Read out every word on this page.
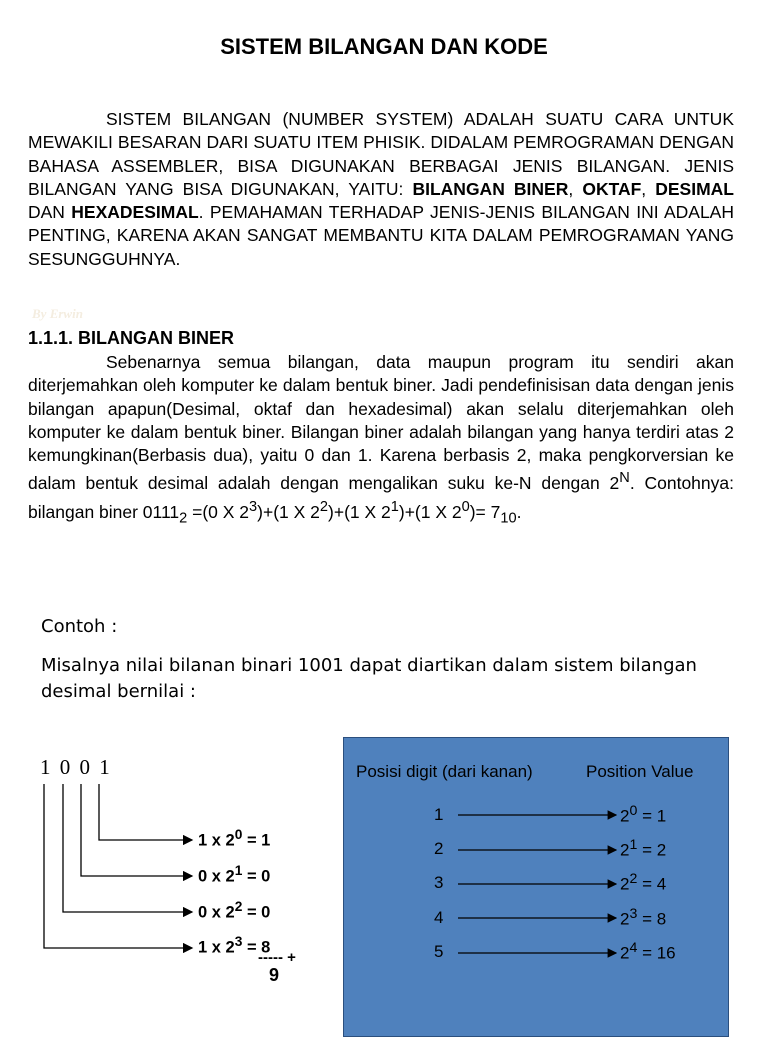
SISTEM BILANGAN DAN KODE

SISTEM BILANGAN (NUMBER SYSTEM) ADALAH SUATU CARA UNTUK MEWAKILI BESARAN DARI SUATU ITEM PHISIK. DIDALAM PEMROGRAMAN DENGAN BAHASA ASSEMBLER, BISA DIGUNAKAN BERBAGAI JENIS BILANGAN. JENIS BILANGAN YANG BISA DIGUNAKAN, YAITU: BILANGAN BINER, OKTAF, DESIMAL DAN HEXADESIMAL. PEMAHAMAN TERHADAP JENIS-JENIS BILANGAN INI ADALAH PENTING, KARENA AKAN SANGAT MEMBANTU KITA DALAM PEMROGRAMAN YANG SESUNGGUHNYA.

By Erwin
1.1.1. BILANGAN BINER

Sebenarnya semua bilangan, data maupun program itu sendiri akan diterjemahkan oleh komputer ke dalam bentuk biner. Jadi pendefinisisan data dengan jenis bilangan apapun(Desimal, oktaf dan hexadesimal) akan selalu diterjemahkan oleh komputer ke dalam bentuk biner. Bilangan biner adalah bilangan yang hanya terdiri atas 2 kemungkinan(Berbasis dua), yaitu 0 dan 1. Karena berbasis 2, maka pengkorversian ke dalam bentuk desimal adalah dengan mengalikan suku ke-N dengan $2^N$. Contohnya: bilangan biner $0111_2 =(0$ X $2^3)+(1$ X $2^2)+(1$ X $2^1)+(1$ X $2^0)= 7_{10}$.

Contoh :
Misalnya nilai bilanan binari 1001 dapat diartikan dalam sistem bilangan desimal bernilai :
1 0 0 1
1 x $2^0 = 1$
0 x $2^1 = 0$
0 x $2^2 = 0$
1 x $2^3 = 8$
----- +
9
Posisi digit (dari kanan)	Position Value
1	$2^0 = 1$
2	$2^1 = 2$
3	$2^2 = 4$
4	$2^3 = 8$
5	$2^4 = 16$
